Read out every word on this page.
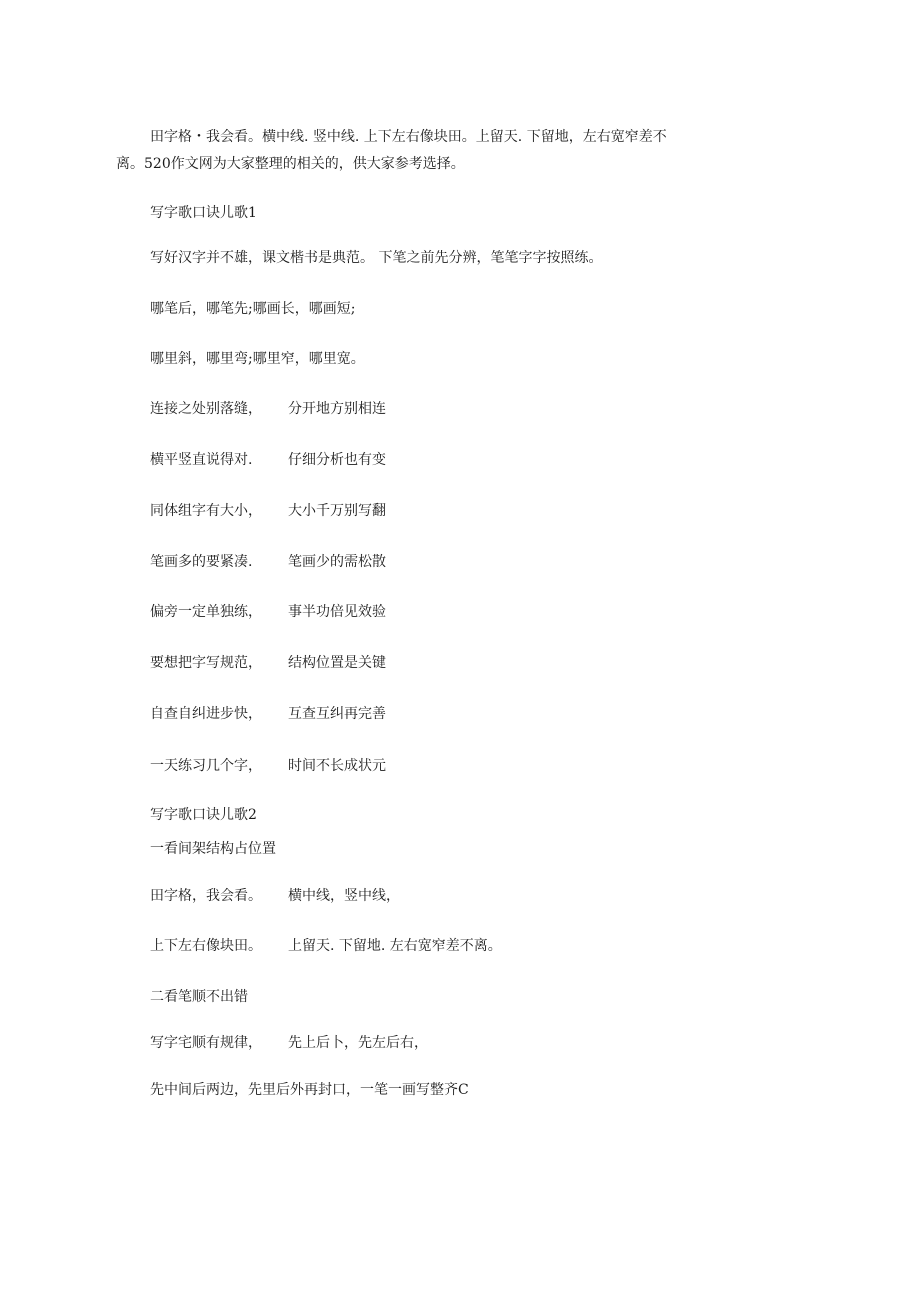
田字格・我会看。横中线. 竖中线. 上下左右像块田。上留天. 下留地，左右宽窄差不离。520作文网为大家整理的相关的，供大家参考选择。

写字歌口诀儿歌1
写好汉字并不雄，课文楷书是典范。 下笔之前先分辨，笔笔字字按照练。
哪笔后，哪笔先;哪画长，哪画短;
哪里斜，哪里弯;哪里窄，哪里宽。
连接之处别落缝， 分开地方别相连
横平竖直说得对.	仔细分析也有变
同体组字有大小， 大小千万别写翻
笔画多的要紧凑.	笔画少的需松散
偏旁一定单独练， 事半功倍见效验
要想把字写规范， 结构位置是关键
自查自纠进步快， 互查互纠再完善
一天练习几个字， 时间不长成状元
写字歌口诀儿歌2
一看间架结构占位置
田字格，我会看。 横中线，竖中线，
上下左右像块田。 上留天. 下留地. 左右宽窄差不离。
二看笔顺不出错
写字宅顺有规律， 先上后卜，先左后右，
先中间后两边，先里后外再封口，一笔一画写整齐C
